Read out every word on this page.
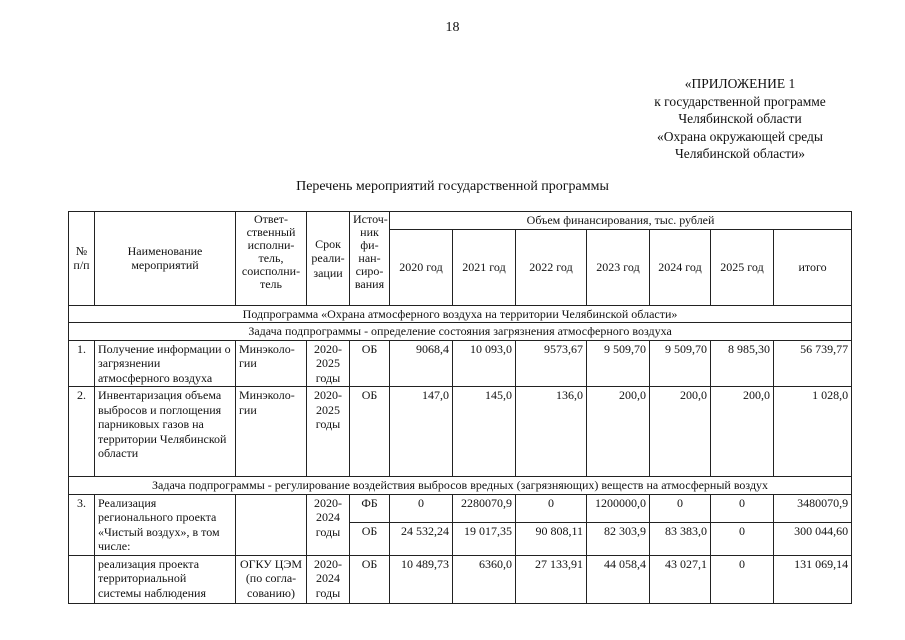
18
«ПРИЛОЖЕНИЕ 1
к государственной программе
Челябинской области
«Охрана окружающей среды
Челябинской области»
Перечень мероприятий государственной программы
№ п/п	Наименование мероприятий	Ответ-ственный исполни-тель, соисполни-тель	Срок реали-зации	Источ-ник фи-нан-сиро-вания	Объем финансирования, тыс. рублей						
					2020 год	2021 год	2022 год	2023 год	2024 год	2025 год	итого
Подпрограмма «Охрана атмосферного воздуха на территории Челябинской области»											
Задача подпрограммы - определение состояния загрязнения атмосферного воздуха											
1.	Получение информации о загрязнении атмосферного воздуха	Минэколо-гии	2020-2025 годы	ОБ	9068,4	10 093,0	9573,67	9 509,70	9 509,70	8 985,30	56 739,77
2.	Инвентаризация объема выбросов и поглощения парниковых газов на территории Челябинской области	Минэколо-гии	2020-2025 годы	ОБ	147,0	145,0	136,0	200,0	200,0	200,0	1 028,0
Задача подпрограммы - регулирование воздействия выбросов вредных (загрязняющих) веществ на атмосферный воздух											
3.	Реализация регионального проекта «Чистый воздух», в том числе:		2020-2024 годы	ФБ	0	2280070,9	0	1200000,0	0	0	3480070,9
				ОБ	24 532,24	19 017,35	90 808,11	82 303,9	83 383,0	0	300 044,60
	реализация проекта территориальной системы наблюдения	ОГКУ ЦЭМ (по согла-сованию)	2020-2024 годы	ОБ	10 489,73	6360,0	27 133,91	44 058,4	43 027,1	0	131 069,14
